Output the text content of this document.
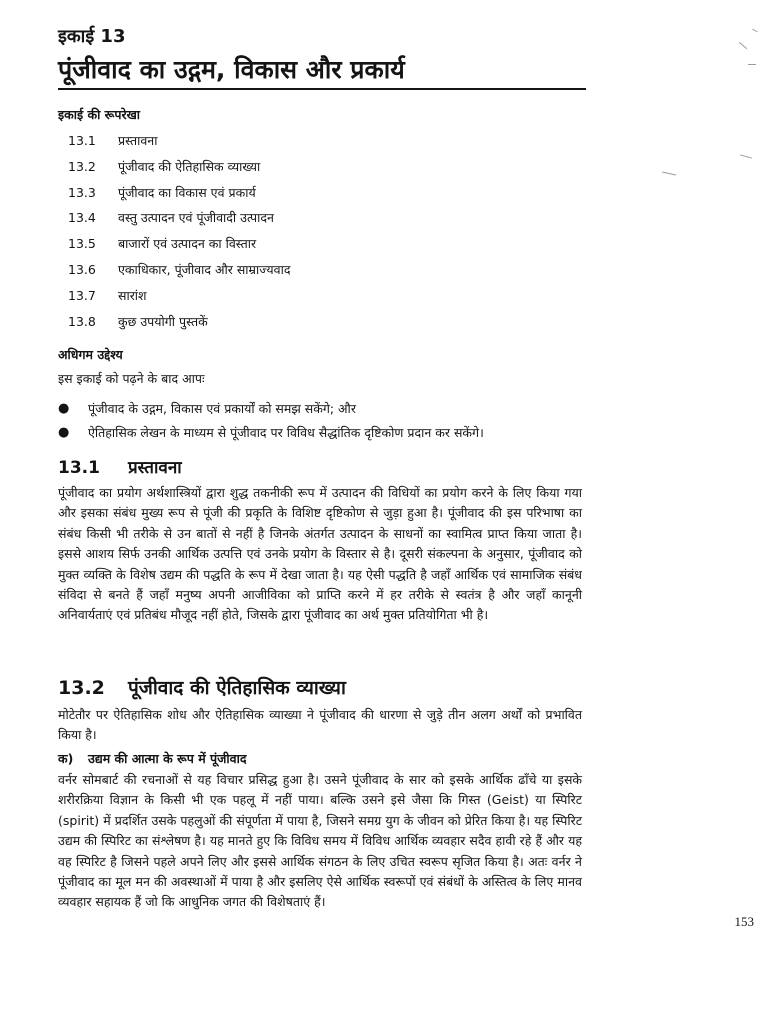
इकाई 13
पूंजीवाद का उद्गम, विकास और प्रकार्य
इकाई की रूपरेखा
13.1	प्रस्तावना
13.2	पूंजीवाद की ऐतिहासिक व्याख्या
13.3	पूंजीवाद का विकास एवं प्रकार्य
13.4	वस्तु उत्पादन एवं पूंजीवादी उत्पादन
13.5	बाजारों एवं उत्पादन का विस्तार
13.6	एकाधिकार, पूंजीवाद और साम्राज्यवाद
13.7	सारांश
13.8	कुछ उपयोगी पुस्तकें
अधिगम उद्देश्य
इस इकाई को पढ़ने के बाद आपः
●	पूंजीवाद के उद्गम, विकास एवं प्रकार्यों को समझ सकेंगे; और
●	ऐतिहासिक लेखन के माध्यम से पूंजीवाद पर विविध सैद्धांतिक दृष्टिकोण प्रदान कर सकेंगे।
13.1 प्रस्तावना

पूंजीवाद का प्रयोग अर्थशास्त्रियों द्वारा शुद्ध तकनीकी रूप में उत्पादन की विधियों का प्रयोग करने के लिए किया गया और इसका संबंध मुख्य रूप से पूंजी की प्रकृति के विशिष्ट दृष्टिकोण से जुड़ा हुआ है। पूंजीवाद की इस परिभाषा का संबंध किसी भी तरीके से उन बातों से नहीं है जिनके अंतर्गत उत्पादन के साधनों का स्वामित्व प्राप्त किया जाता है। इससे आशय सिर्फ उनकी आर्थिक उत्पत्ति एवं उनके प्रयोग के विस्तार से है। दूसरी संकल्पना के अनुसार, पूंजीवाद को मुक्त व्यक्ति के विशेष उद्यम की पद्धति के रूप में देखा जाता है। यह ऐसी पद्धति है जहाँ आर्थिक एवं सामाजिक संबंध संविदा से बनते हैं जहाँ मनुष्य अपनी आजीविका को प्राप्ति करने में हर तरीके से स्वतंत्र है और जहाँ कानूनी अनिवार्यताएं एवं प्रतिबंध मौजूद नहीं होते, जिसके द्वारा पूंजीवाद का अर्थ मुक्त प्रतियोगिता भी है।

13.2 पूंजीवाद की ऐतिहासिक व्याख्या

मोटेतौर पर ऐतिहासिक शोध और ऐतिहासिक व्याख्या ने पूंजीवाद की धारणा से जुड़े तीन अलग अर्थों को प्रभावित किया है।

क) उद्यम की आत्मा के रूप में पूंजीवाद

वर्नर सोमबार्ट की रचनाओं से यह विचार प्रसिद्ध हुआ है। उसने पूंजीवाद के सार को इसके आर्थिक ढाँचे या इसके शरीरक्रिया विज्ञान के किसी भी एक पहलू में नहीं पाया। बल्कि उसने इसे जैसा कि गिस्त (Geist) या स्पिरिट (spirit) में प्रदर्शित उसके पहलुओं की संपूर्णता में पाया है, जिसने समग्र युग के जीवन को प्रेरित किया है। यह स्पिरिट उद्यम की स्पिरिट का संश्लेषण है। यह मानते हुए कि विविध समय में विविध आर्थिक व्यवहार सदैव हावी रहे हैं और यह वह स्पिरिट है जिसने पहले अपने लिए और इससे आर्थिक संगठन के लिए उचित स्वरूप सृजित किया है। अतः वर्नर ने पूंजीवाद का मूल मन की अवस्थाओं में पाया है और इसलिए ऐसे आर्थिक स्वरूपों एवं संबंधों के अस्तित्व के लिए मानव व्यवहार सहायक हैं जो कि आधुनिक जगत की विशेषताएं हैं।

153
